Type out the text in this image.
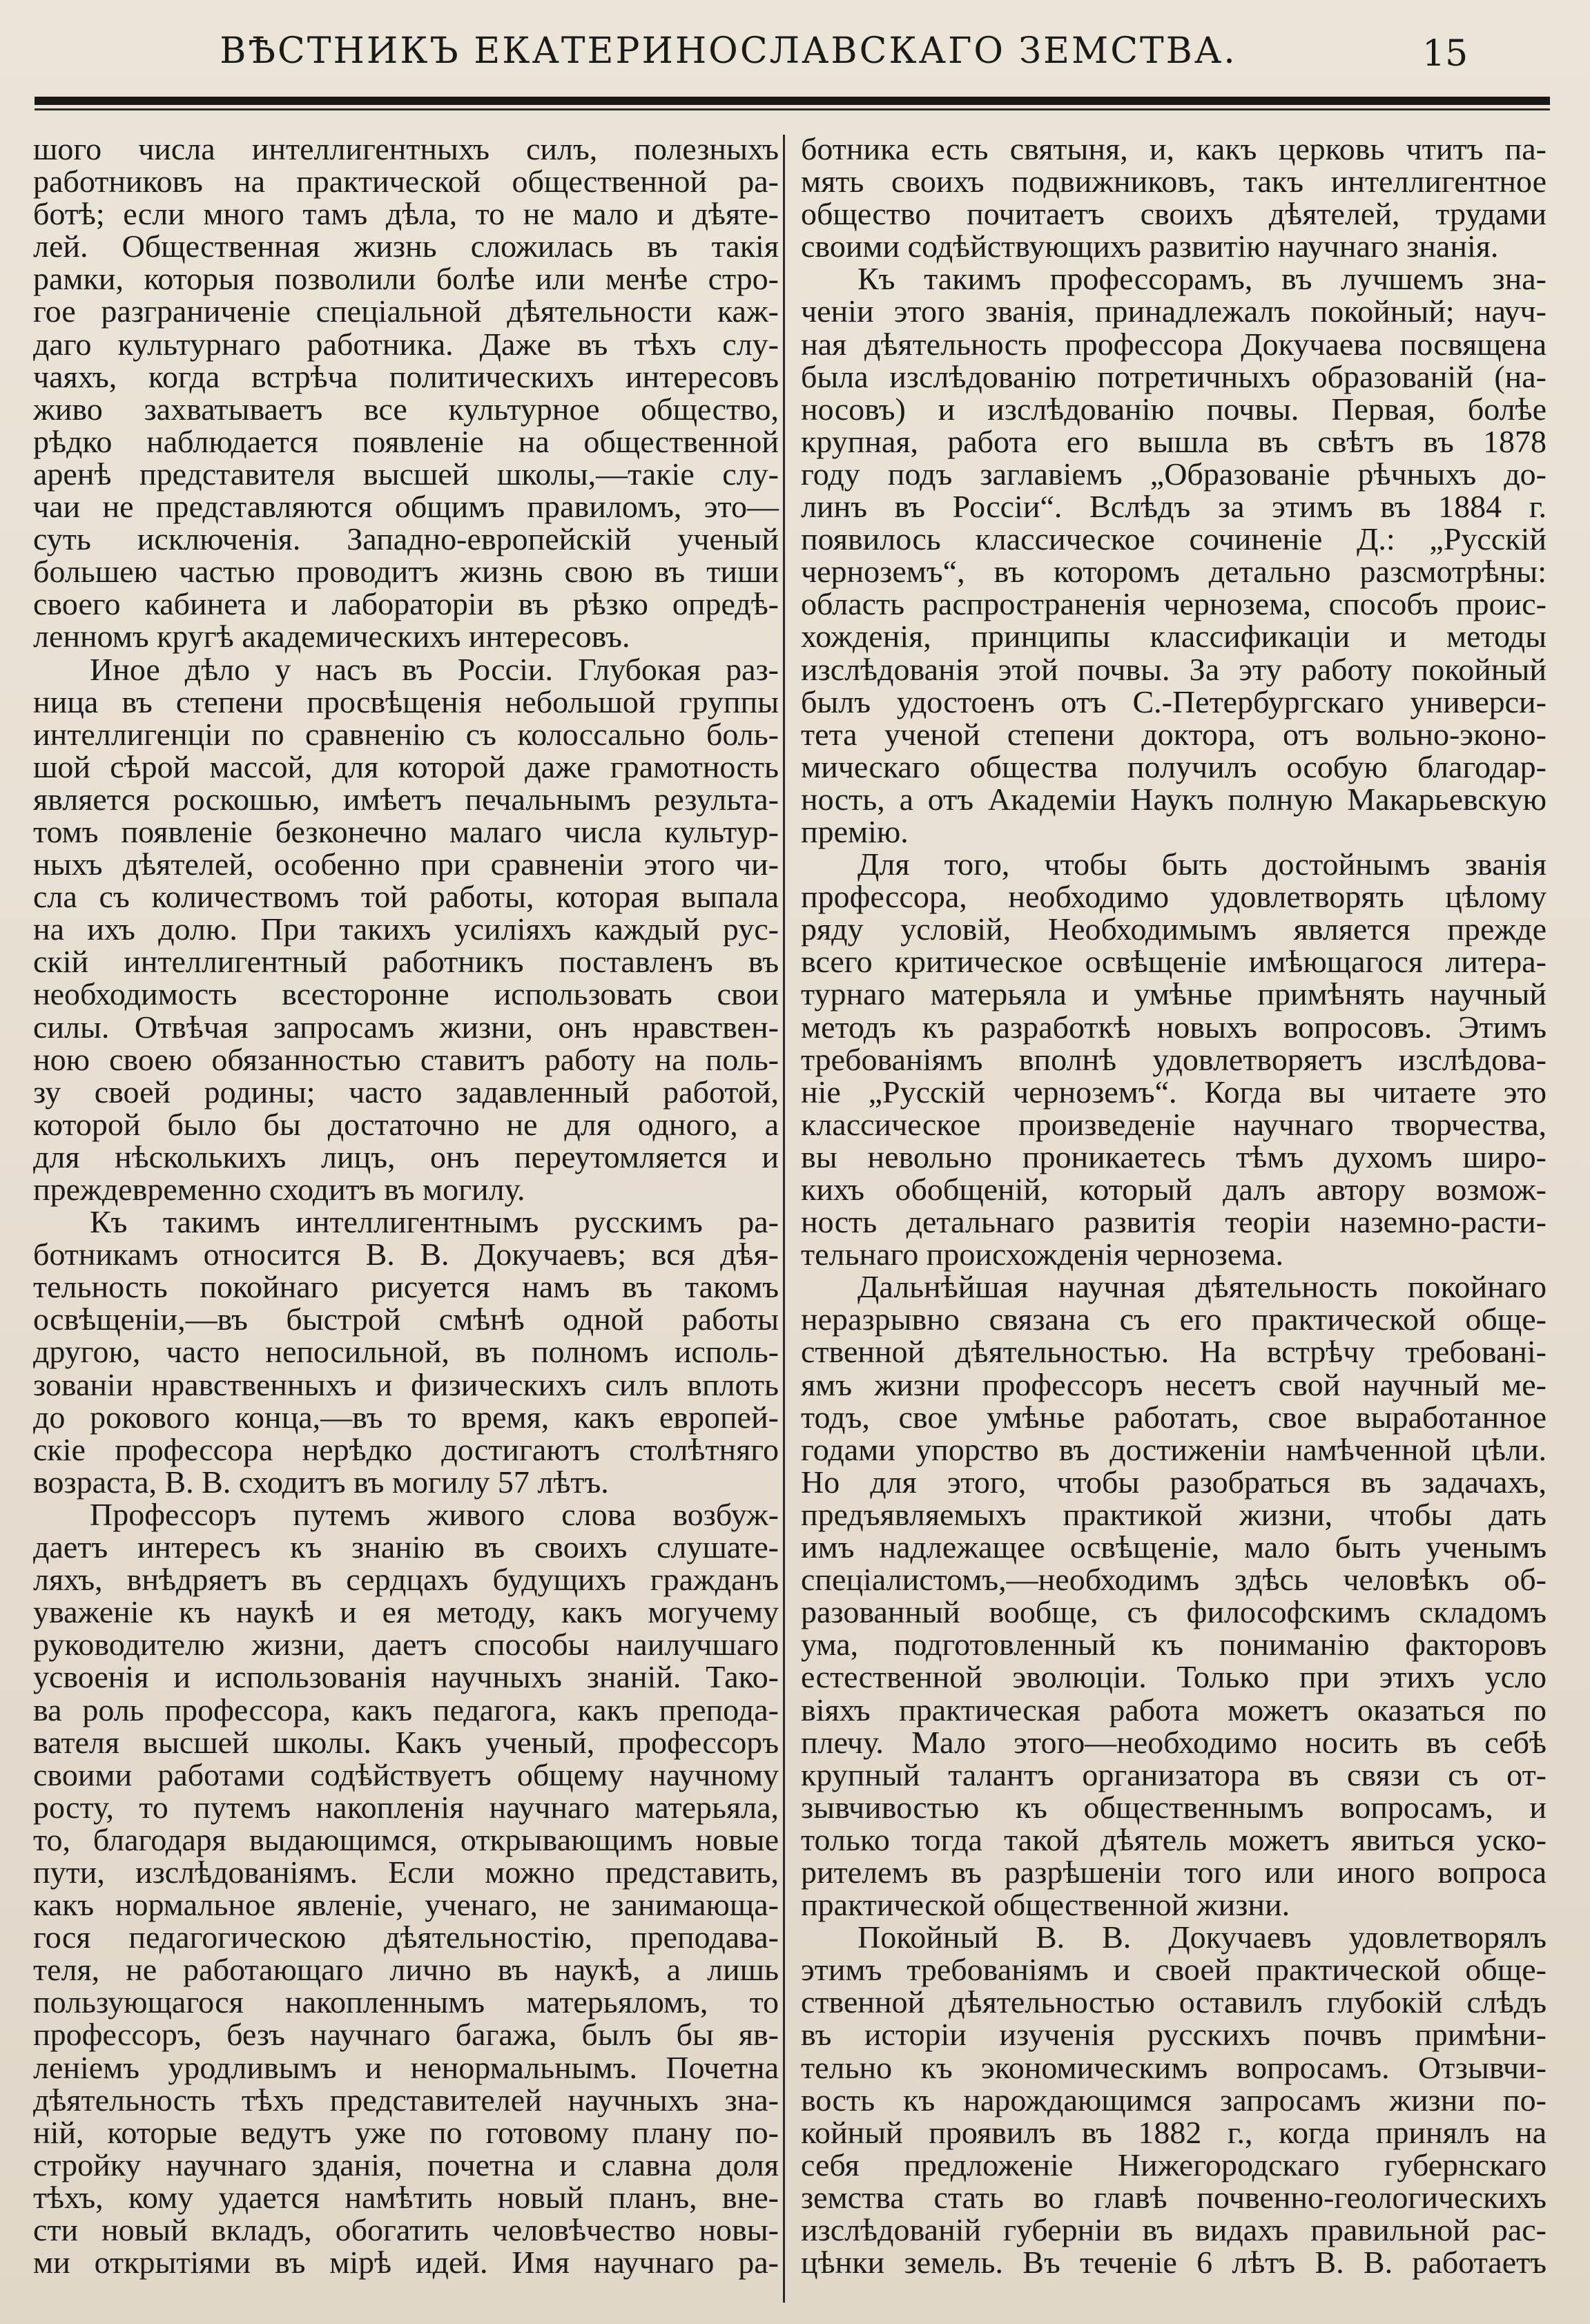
ВѢСТНИКЪ ЕКАТЕРИНОСЛАВСКАГО ЗЕМСТВА.	15
шого числа интеллигентныхъ силъ, полезныхъ
работниковъ на практической общественной ра-
ботѣ; если много тамъ дѣла, то не мало и дѣяте-
лей. Общественная жизнь сложилась въ такія
рамки, которыя позволили болѣе или менѣе стро-
гое разграниченіе спеціальной дѣятельности каж-
даго культурнаго работника. Даже въ тѣхъ слу-
чаяхъ, когда встрѣча политическихъ интересовъ
живо захватываетъ все культурное общество,
рѣдко наблюдается появленіе на общественной
аренѣ представителя высшей школы,—такіе слу-
чаи не представляются общимъ правиломъ, это—
суть исключенія. Западно-европейскій ученый
большею частью проводитъ жизнь свою въ тиши
своего кабинета и лабораторіи въ рѣзко опредѣ-
ленномъ кругѣ академическихъ интересовъ.
Иное дѣло у насъ въ Россіи. Глубокая раз-
ница въ степени просвѣщенія небольшой группы
интеллигенціи по сравненію съ колоссально боль-
шой сѣрой массой, для которой даже грамотность
является роскошью, имѣетъ печальнымъ результа-
томъ появленіе безконечно малаго числа культур-
ныхъ дѣятелей, особенно при сравненіи этого чи-
сла съ количествомъ той работы, которая выпала
на ихъ долю. При такихъ усиліяхъ каждый рус-
скій интеллигентный работникъ поставленъ въ
необходимость всесторонне использовать свои
силы. Отвѣчая запросамъ жизни, онъ нравствен-
ною своею обязанностью ставитъ работу на поль-
зу своей родины; часто задавленный работой,
которой было бы достаточно не для одного, а
для нѣсколькихъ лицъ, онъ переутомляется и
преждевременно сходитъ въ могилу.
Къ такимъ интеллигентнымъ русскимъ ра-
ботникамъ относится В. В. Докучаевъ; вся дѣя-
тельность покойнаго рисуется намъ въ такомъ
освѣщеніи,—въ быстрой смѣнѣ одной работы
другою, часто непосильной, въ полномъ исполь-
зованіи нравственныхъ и физическихъ силъ вплоть
до рокового конца,—въ то время, какъ европей-
скіе профессора нерѣдко достигаютъ столѣтняго
возраста, В. В. сходитъ въ могилу 57 лѣтъ.
Профессоръ путемъ живого слова возбуж-
даетъ интересъ къ знанію въ своихъ слушате-
ляхъ, внѣдряетъ въ сердцахъ будущихъ гражданъ
уваженіе къ наукѣ и ея методу, какъ могучему
руководителю жизни, даетъ способы наилучшаго
усвоенія и использованія научныхъ знаній. Тако-
ва роль профессора, какъ педагога, какъ препода-
вателя высшей школы. Какъ ученый, профессоръ
своими работами содѣйствуетъ общему научному
росту, то путемъ накопленія научнаго матерьяла,
то, благодаря выдающимся, открывающимъ новые
пути, изслѣдованіямъ. Если можно представить,
какъ нормальное явленіе, ученаго, не занимающа-
гося педагогическою дѣятельностію, преподава-
теля, не работающаго лично въ наукѣ, а лишь
пользующагося накопленнымъ матерьяломъ, то
профессоръ, безъ научнаго багажа, былъ бы яв-
леніемъ уродливымъ и ненормальнымъ. Почетна
дѣятельность тѣхъ представителей научныхъ зна-
ній, которые ведутъ уже по готовому плану по-
стройку научнаго зданія, почетна и славна доля
тѣхъ, кому удается намѣтить новый планъ, вне-
сти новый вкладъ, обогатить человѣчество новы-
ми открытіями въ мірѣ идей. Имя научнаго ра-
ботника есть святыня, и, какъ церковь чтитъ па-
мять своихъ подвижниковъ, такъ интеллигентное
общество почитаетъ своихъ дѣятелей, трудами
своими содѣйствующихъ развитію научнаго знанія.
Къ такимъ профессорамъ, въ лучшемъ зна-
ченіи этого званія, принадлежалъ покойный; науч-
ная дѣятельность профессора Докучаева посвящена
была изслѣдованію потретичныхъ образованій (на-
носовъ) и изслѣдованію почвы. Первая, болѣе
крупная, работа его вышла въ свѣтъ въ 1878
году подъ заглавіемъ „Образованіе рѣчныхъ до-
линъ въ Россіи“. Вслѣдъ за этимъ въ 1884 г.
появилось классическое сочиненіе Д.: „Русскій
черноземъ“, въ которомъ детально разсмотрѣны:
область распространенія чернозема, способъ проис-
хожденія, принципы классификаціи и методы
изслѣдованія этой почвы. За эту работу покойный
былъ удостоенъ отъ С.-Петербургскаго универси-
тета ученой степени доктора, отъ вольно-эконо-
мическаго общества получилъ особую благодар-
ность, а отъ Академіи Наукъ полную Макарьевскую
премію.
Для того, чтобы быть достойнымъ званія
профессора, необходимо удовлетворять цѣлому
ряду условій, Необходимымъ является прежде
всего критическое освѣщеніе имѣющагося литера-
турнаго матерьяла и умѣнье примѣнять научный
методъ къ разработкѣ новыхъ вопросовъ. Этимъ
требованіямъ вполнѣ удовлетворяетъ изслѣдова-
ніе „Русскій черноземъ“. Когда вы читаете это
классическое произведеніе научнаго творчества,
вы невольно проникаетесь тѣмъ духомъ широ-
кихъ обобщеній, который далъ автору возмож-
ность детальнаго развитія теоріи наземно-расти-
тельнаго происхожденія чернозема.
Дальнѣйшая научная дѣятельность покойнаго
неразрывно связана съ его практической обще-
ственной дѣятельностью. На встрѣчу требованi-
ямъ жизни профессоръ несетъ свой научный ме-
тодъ, свое умѣнье работать, свое выработанное
годами упорство въ достиженіи намѣченной цѣли.
Но для этого, чтобы разобраться въ задачахъ,
предъявляемыхъ практикой жизни, чтобы дать
имъ надлежащее освѣщеніе, мало быть ученымъ
спеціалистомъ,—необходимъ здѣсь человѣкъ об-
разованный вообще, съ философскимъ складомъ
ума, подготовленный къ пониманію факторовъ
естественной эволюціи. Только при этихъ усло
віяхъ практическая работа можетъ оказаться по
плечу. Мало этого—необходимо носить въ себѣ
крупный талантъ организатора въ связи съ от-
зывчивостью къ общественнымъ вопросамъ, и
только тогда такой дѣятель можетъ явиться уско-
рителемъ въ разрѣшеніи того или иного вопроса
практической общественной жизни.
Покойный В. В. Докучаевъ удовлетворялъ
этимъ требованіямъ и своей практической обще-
ственной дѣятельностью оставилъ глубокій слѣдъ
въ исторіи изученія русскихъ почвъ примѣни-
тельно къ экономическимъ вопросамъ. Отзывчи-
вость къ нарождающимся запросамъ жизни по-
койный проявилъ въ 1882 г., когда принялъ на
себя предложеніе Нижегородскаго губернскаго
земства стать во главѣ почвенно-геологическихъ
изслѣдованій губерніи въ видахъ правильной рас-
цѣнки земель. Въ теченіе 6 лѣтъ В. В. работаетъ
